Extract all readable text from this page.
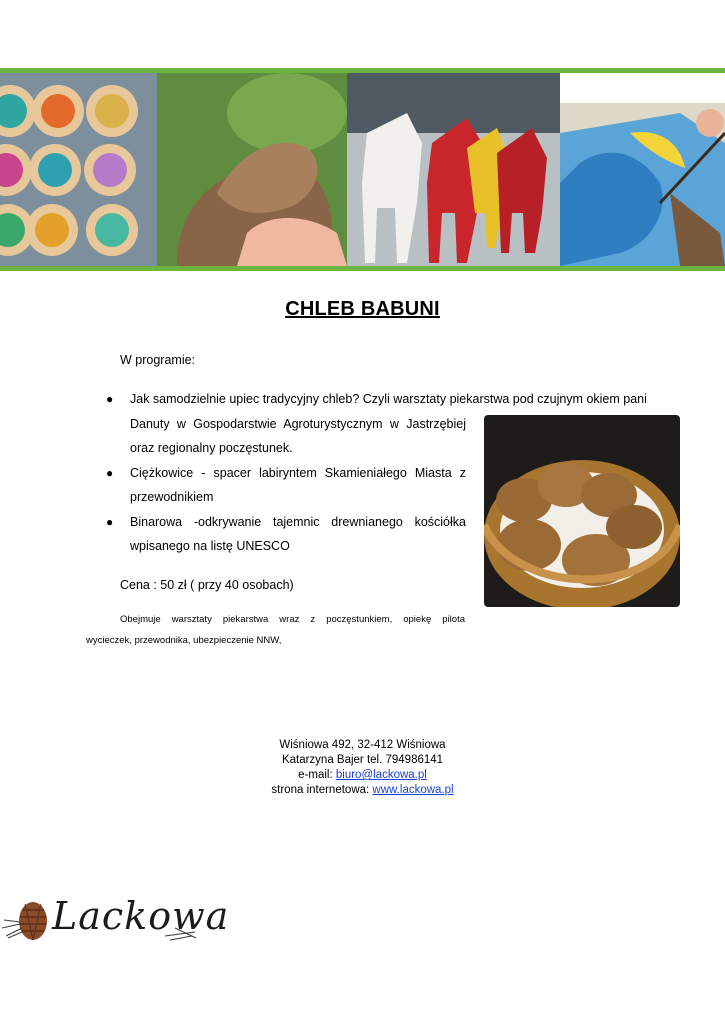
CHLEB BABUNI
W programie:
● Jak samodzielnie upiec tradycyjny chleb? Czyli warsztaty piekarstwa pod czujnym okiem pani
Danuty w Gospodarstwie Agroturystycznym w Jastrzębiej oraz regionalny poczęstunek.
● Ciężkowice - spacer labiryntem Skamieniałego Miasta z przewodnikiem
● Binarowa -odkrywanie tajemnic drewnianego kościółka wpisanego na listę UNESCO
Cena : 50 zł ( przy 40 osobach)
Obejmuje warsztaty piekarstwa wraz z poczęstunkiem, opiekę pilota
wycieczek, przewodnika, ubezpieczenie NNW,
Wiśniowa 492, 32-412 Wiśniowa
Katarzyna Bajer tel. 794986141
e-mail: biuro@lackowa.pl
strona internetowa: www.lackowa.pl
Lackowa
